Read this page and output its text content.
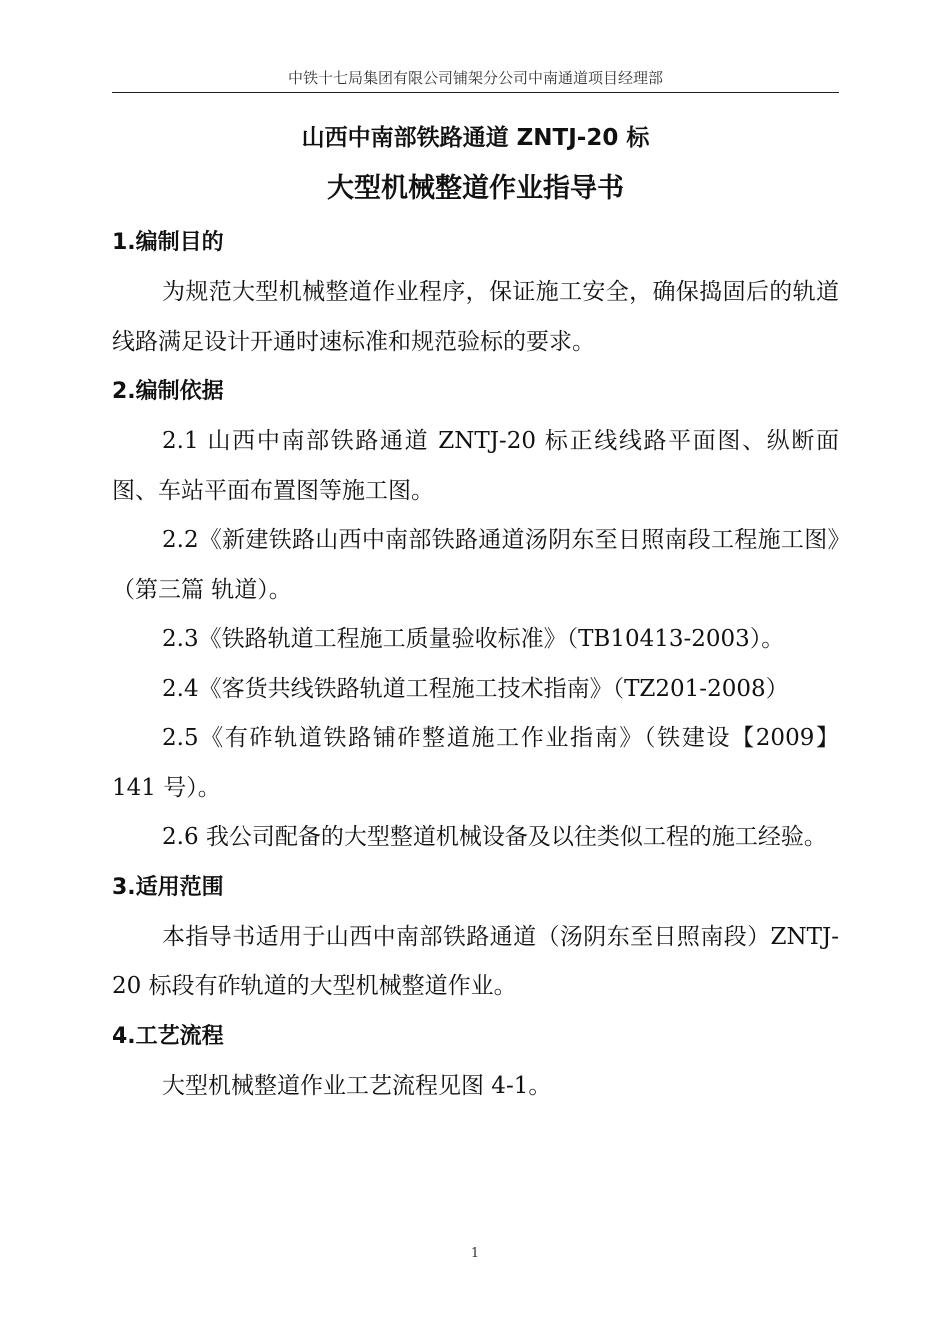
中铁十七局集团有限公司铺架分公司中南通道项目经理部
山西中南部铁路通道 ZNTJ-20 标
大型机械整道作业指导书
1.编制目的

为规范大型机械整道作业程序，保证施工安全，确保捣固后的轨道线路满足设计开通时速标准和规范验标的要求。

2.编制依据

2.1 山西中南部铁路通道 ZNTJ-20 标正线线路平面图、纵断面图、车站平面布置图等施工图。

2.2《新建铁路山西中南部铁路通道汤阴东至日照南段工程施工图》（第三篇 轨道）。

2.3《铁路轨道工程施工质量验收标准》（TB10413-2003）。

2.4《客货共线铁路轨道工程施工技术指南》（TZ201-2008）

2.5《有砟轨道铁路铺砟整道施工作业指南》（铁建设【2009】141 号）。

2.6 我公司配备的大型整道机械设备及以往类似工程的施工经验。

3.适用范围

本指导书适用于山西中南部铁路通道（汤阴东至日照南段）ZNTJ-20 标段有砟轨道的大型机械整道作业。

4.工艺流程

大型机械整道作业工艺流程见图 4-1。

1
